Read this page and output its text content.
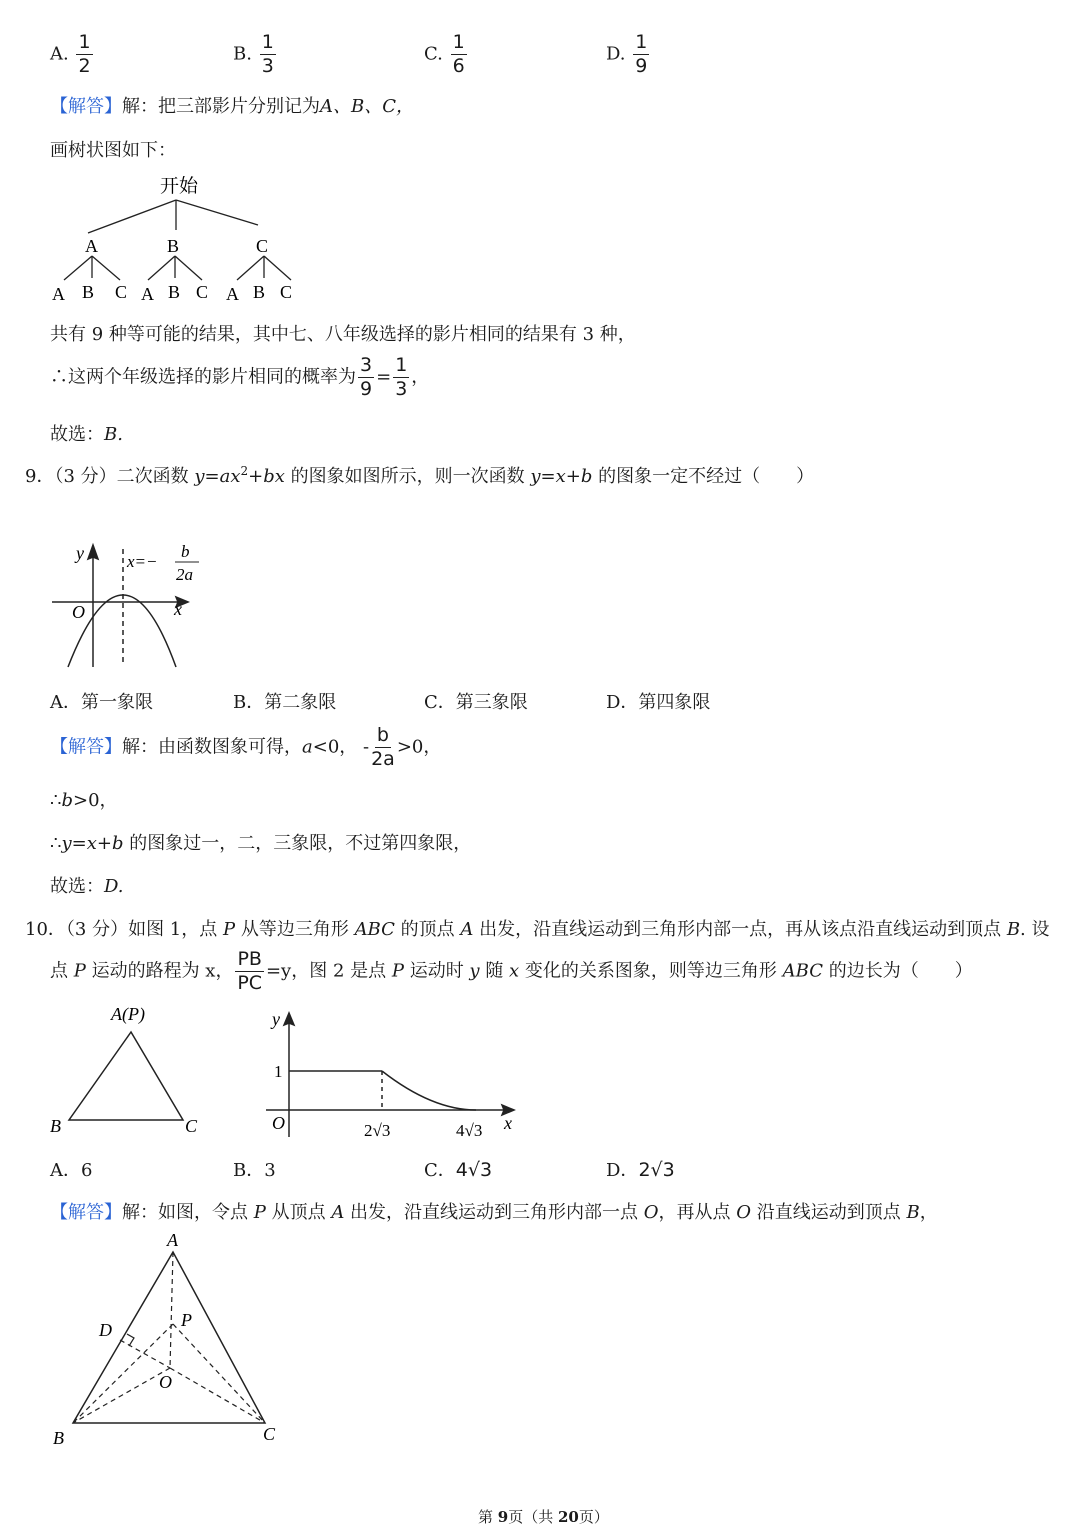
A. $\frac{1}{2}$	B. $\frac{1}{3}$	C. $\frac{1}{6}$	D. $\frac{1}{9}$
【解答】解：把三部影片分别记为A、B、C，
画树状图如下：
开始
A	B	C
A B C A B C A B C
共有 9 种等可能的结果，其中七、八年级选择的影片相同的结果有 3 种，
∴这两个年级选择的影片相同的概率为 $\frac{3}{9} = \frac{1}{3}$ ，
故选：B.
9．（3 分）二次函数 $y=ax^2+bx$ 的图象如图所示，则一次函数 y=x+b 的图象一定不经过（　　）
y
x
O
x=−
b
2a
A．第一象限	B．第二象限	C．第三象限	D．第四象限
【解答】解：由函数图象可得，a<0， - $\frac{b}{2a} >0$，
∴b>0，
∴y=x+b 的图象过一，二，三象限，不过第四象限，
故选：D.
10．（3 分）如图 1，点 P 从等边三角形 ABC 的顶点 A 出发，沿直线运动到三角形内部一点，再从该点沿直线运动到顶点 B. 设
点 P 运动的路程为 x， $\frac{PB}{PC} =y$，图 2 是点 P 运动时 y 随 x 变化的关系图象，则等边三角形 ABC 的边长为（　　）
A(P)
B	C
y
x
O
1
2√3	4√3
A．6	B．3	C．4√3	D．2√3
【解答】解：如图，令点 P 从顶点 A 出发，沿直线运动到三角形内部一点 O，再从点 O 沿直线运动到顶点 B，
A
B	C
D	P
O
第 9页（共 20页）
